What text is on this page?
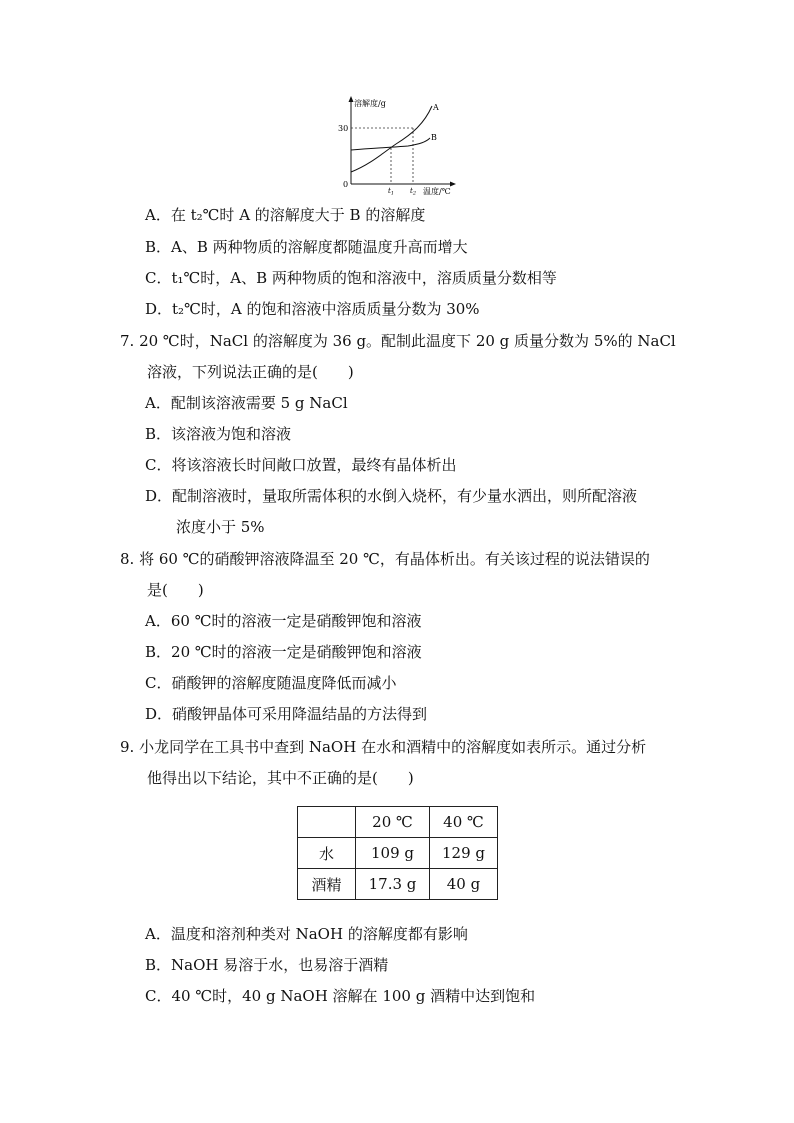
溶解度/g	A
B
30
0
$t_1$ $t_2$ 温度/℃
A．在 t₂℃时 A 的溶解度大于 B 的溶解度
B．A、B 两种物质的溶解度都随温度升高而增大
C．t₁℃时，A、B 两种物质的饱和溶液中，溶质质量分数相等
D．t₂℃时，A 的饱和溶液中溶质质量分数为 30%
7. 20 ℃时，NaCl 的溶解度为 36 g。配制此温度下 20 g 质量分数为 5%的 NaCl
溶液，下列说法正确的是(　　)
A．配制该溶液需要 5 g NaCl
B．该溶液为饱和溶液
C．将该溶液长时间敞口放置，最终有晶体析出
D．配制溶液时，量取所需体积的水倒入烧杯，有少量水洒出，则所配溶液
浓度小于 5%
8. 将 60 ℃的硝酸钾溶液降温至 20 ℃，有晶体析出。有关该过程的说法错误的
是(　　)
A．60 ℃时的溶液一定是硝酸钾饱和溶液
B．20 ℃时的溶液一定是硝酸钾饱和溶液
C．硝酸钾的溶解度随温度降低而减小
D．硝酸钾晶体可采用降温结晶的方法得到
9. 小龙同学在工具书中查到 NaOH 在水和酒精中的溶解度如表所示。通过分析
他得出以下结论，其中不正确的是(　　)
	20 ℃	40 ℃
水	109 g	129 g
酒精	17.3 g	40 g
A．温度和溶剂种类对 NaOH 的溶解度都有影响
B．NaOH 易溶于水，也易溶于酒精
C．40 ℃时，40 g NaOH 溶解在 100 g 酒精中达到饱和
